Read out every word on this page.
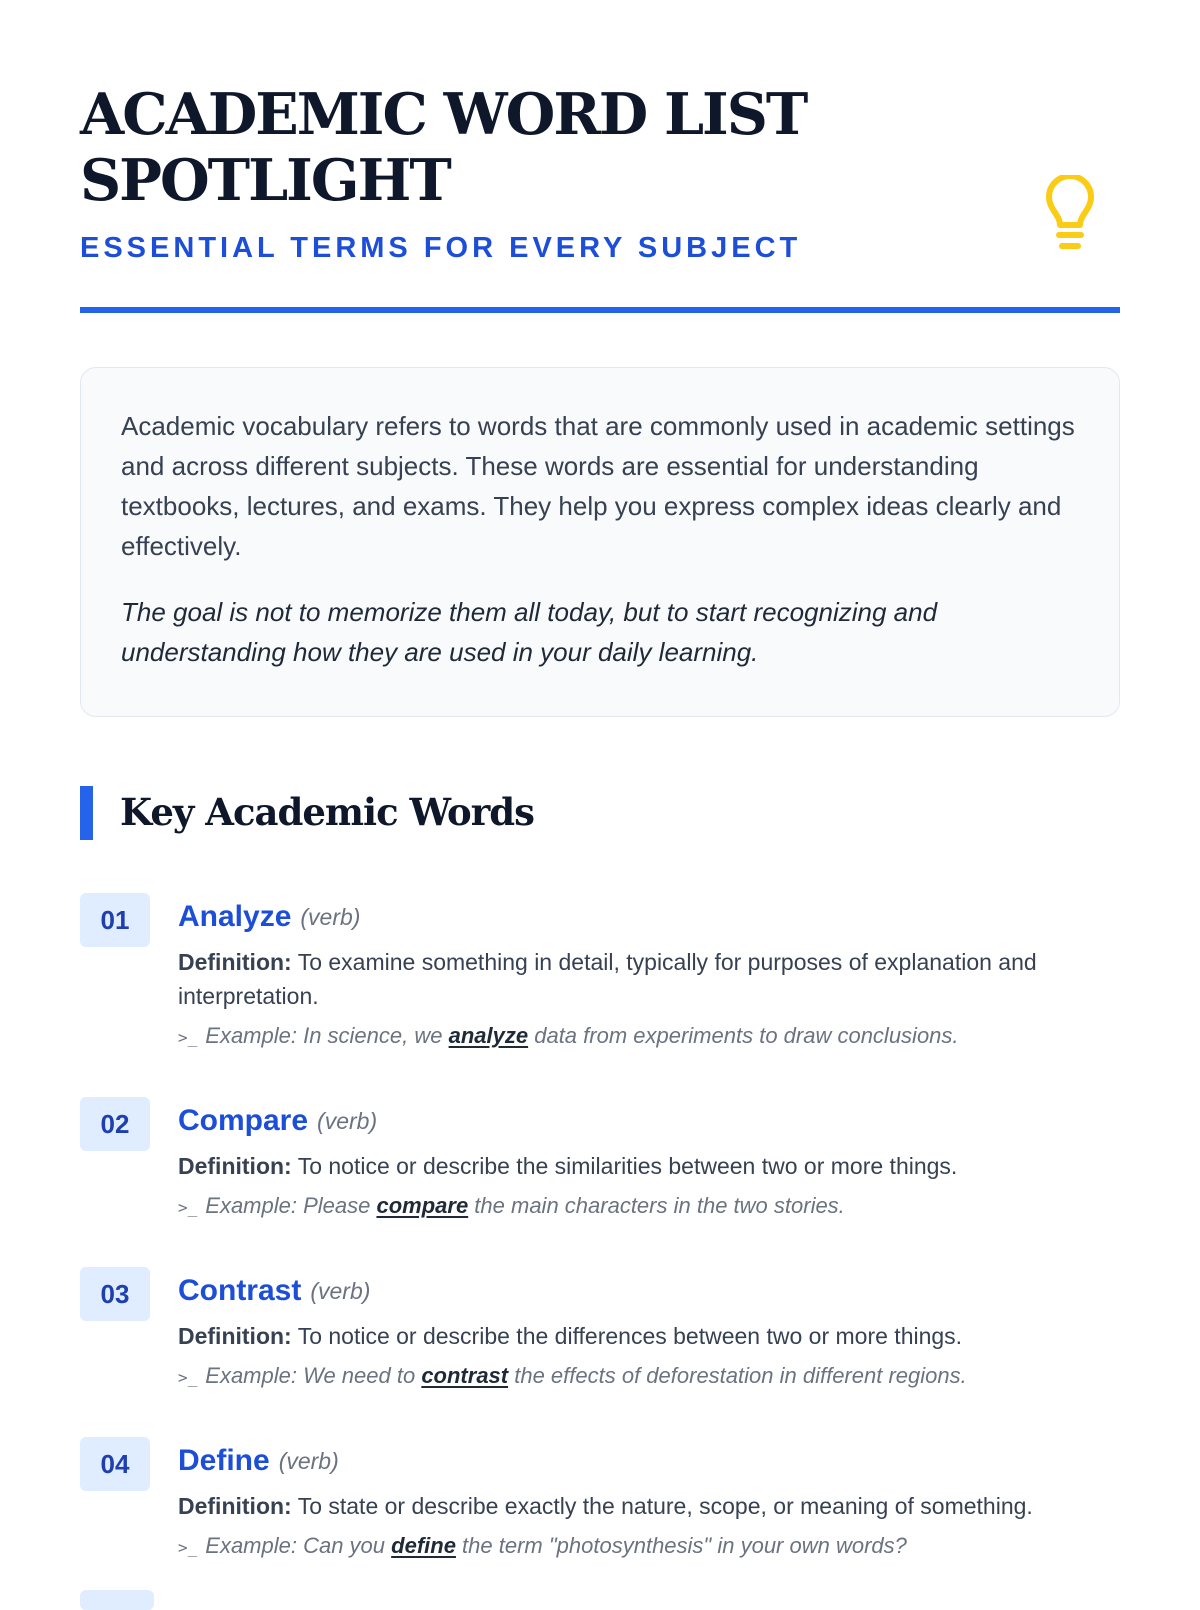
ACADEMIC WORD LIST SPOTLIGHT
ESSENTIAL TERMS FOR EVERY SUBJECT

Academic vocabulary refers to words that are commonly used in academic settings and across different subjects. These words are essential for understanding textbooks, lectures, and exams. They help you express complex ideas clearly and effectively.

The goal is not to memorize them all today, but to start recognizing and understanding how they are used in your daily learning.

Key Academic Words
01	Analyze (verb)
Definition: To examine something in detail, typically for purposes of explanation and interpretation.
>_ Example: In science, we analyze data from experiments to draw conclusions.
02	Compare (verb)
Definition: To notice or describe the similarities between two or more things.
>_ Example: Please compare the main characters in the two stories.
03	Contrast (verb)
Definition: To notice or describe the differences between two or more things.
>_ Example: We need to contrast the effects of deforestation in different regions.
04	Define (verb)
Definition: To state or describe exactly the nature, scope, or meaning of something.
>_ Example: Can you define the term "photosynthesis" in your own words?
